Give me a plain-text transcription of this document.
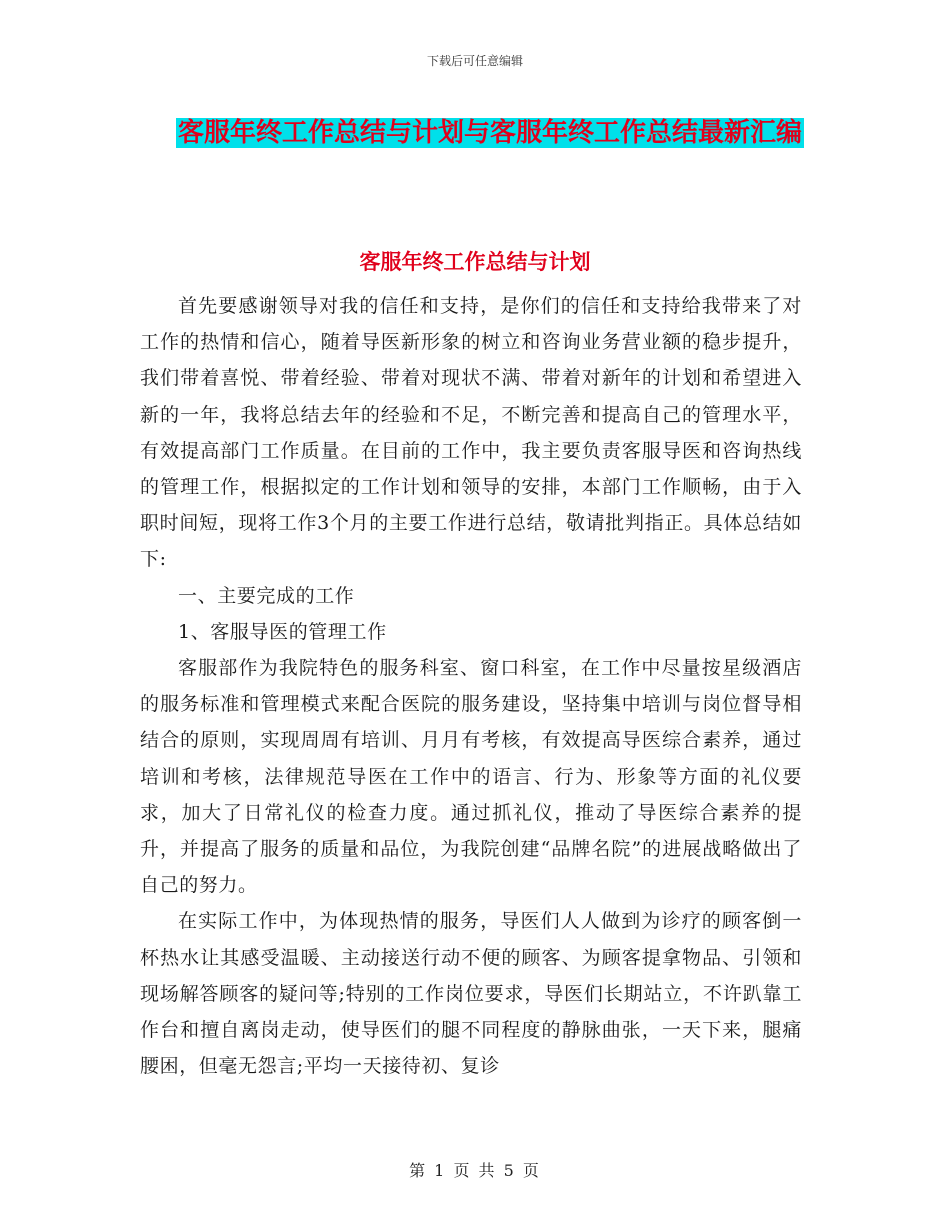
下载后可任意编辑
客服年终工作总结与计划与客服年终工作总结最新汇编
客服年终工作总结与计划

首先要感谢领导对我的信任和支持，是你们的信任和支持给我带来了对工作的热情和信心，随着导医新形象的树立和咨询业务营业额的稳步提升，我们带着喜悦、带着经验、带着对现状不满、带着对新年的计划和希望进入新的一年，我将总结去年的经验和不足，不断完善和提高自己的管理水平，有效提高部门工作质量。在目前的工作中，我主要负责客服导医和咨询热线的管理工作，根据拟定的工作计划和领导的安排，本部门工作顺畅，由于入职时间短，现将工作3个月的主要工作进行总结，敬请批判指正。具体总结如下:

一、主要完成的工作

1、客服导医的管理工作

客服部作为我院特色的服务科室、窗口科室，在工作中尽量按星级酒店的服务标准和管理模式来配合医院的服务建设，坚持集中培训与岗位督导相结合的原则，实现周周有培训、月月有考核，有效提高导医综合素养，通过培训和考核，法律规范导医在工作中的语言、行为、形象等方面的礼仪要求，加大了日常礼仪的检查力度。通过抓礼仪，推动了导医综合素养的提升，并提高了服务的质量和品位，为我院创建“品牌名院”的进展战略做出了自己的努力。

在实际工作中，为体现热情的服务，导医们人人做到为诊疗的顾客倒一杯热水让其感受温暖、主动接送行动不便的顾客、为顾客提拿物品、引领和现场解答顾客的疑问等;特别的工作岗位要求，导医们长期站立，不许趴靠工作台和擅自离岗走动，使导医们的腿不同程度的静脉曲张，一天下来，腿痛腰困，但毫无怨言;平均一天接待初、复诊

第 1 页 共 5 页
